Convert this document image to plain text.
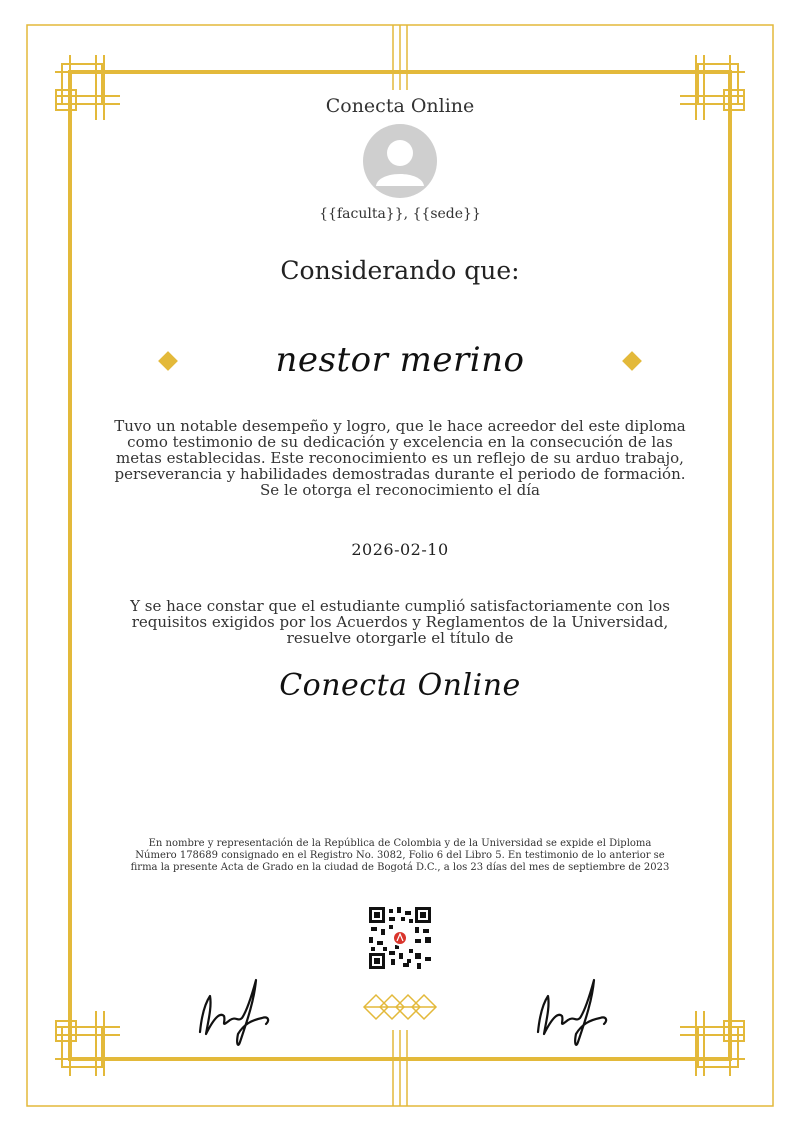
Conecta Online
{{faculta}}, {{sede}}
Considerando que:
nestor merino
Tuvo un notable desempeño y logro, que le hace acreedor del este diploma como testimonio de su dedicación y excelencia en la consecución de las metas establecidas. Este reconocimiento es un reflejo de su arduo trabajo, perseverancia y habilidades demostradas durante el periodo de formación. Se le otorga el reconocimiento el día
2026-02-10
Y se hace constar que el estudiante cumplió satisfactoriamente con los requisitos exigidos por los Acuerdos y Reglamentos de la Universidad, resuelve otorgarle el título de
Conecta Online
En nombre y representación de la República de Colombia y de la Universidad se expide el Diploma Número 178689 consignado en el Registro No. 3082, Folio 6 del Libro 5. En testimonio de lo anterior se firma la presente Acta de Grado en la ciudad de Bogotá D.C., a los 23 días del mes de septiembre de 2023
